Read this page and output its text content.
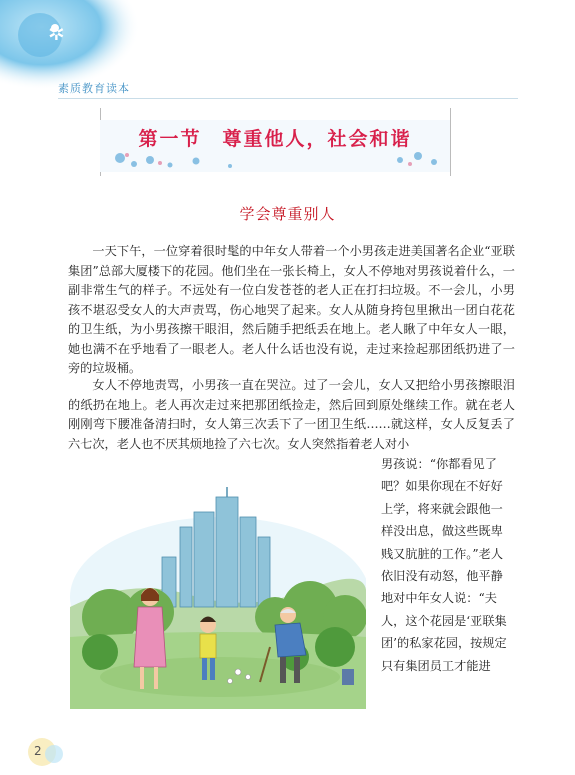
✲
素质教育读本
第一节　尊重他人，社会和谐
学会尊重别人

一天下午，一位穿着很时髦的中年女人带着一个小男孩走进美国著名企业“亚联集团”总部大厦楼下的花园。他们坐在一张长椅上，女人不停地对男孩说着什么，一副非常生气的样子。不远处有一位白发苍苍的老人正在打扫垃圾。不一会儿，小男孩不堪忍受女人的大声责骂，伤心地哭了起来。女人从随身挎包里揪出一团白花花的卫生纸，为小男孩擦干眼泪，然后随手把纸丢在地上。老人瞅了中年女人一眼，她也满不在乎地看了一眼老人。老人什么话也没有说，走过来捡起那团纸扔进了一旁的垃圾桶。

女人不停地责骂，小男孩一直在哭泣。过了一会儿，女人又把给小男孩擦眼泪的纸扔在地上。老人再次走过来把那团纸捡走，然后回到原处继续工作。就在老人刚刚弯下腰准备清扫时，女人第三次丢下了一团卫生纸……就这样，女人反复丢了六七次，老人也不厌其烦地捡了六七次。女人突然指着老人对小

男孩说：“你都看见了吧？如果你现在不好好上学，将来就会跟他一样没出息，做这些既卑贱又肮脏的工作。”老人依旧没有动怒，他平静地对中年女人说：“夫人，这个花园是‘亚联集团’的私家花园，按规定只有集团员工才能进

2
